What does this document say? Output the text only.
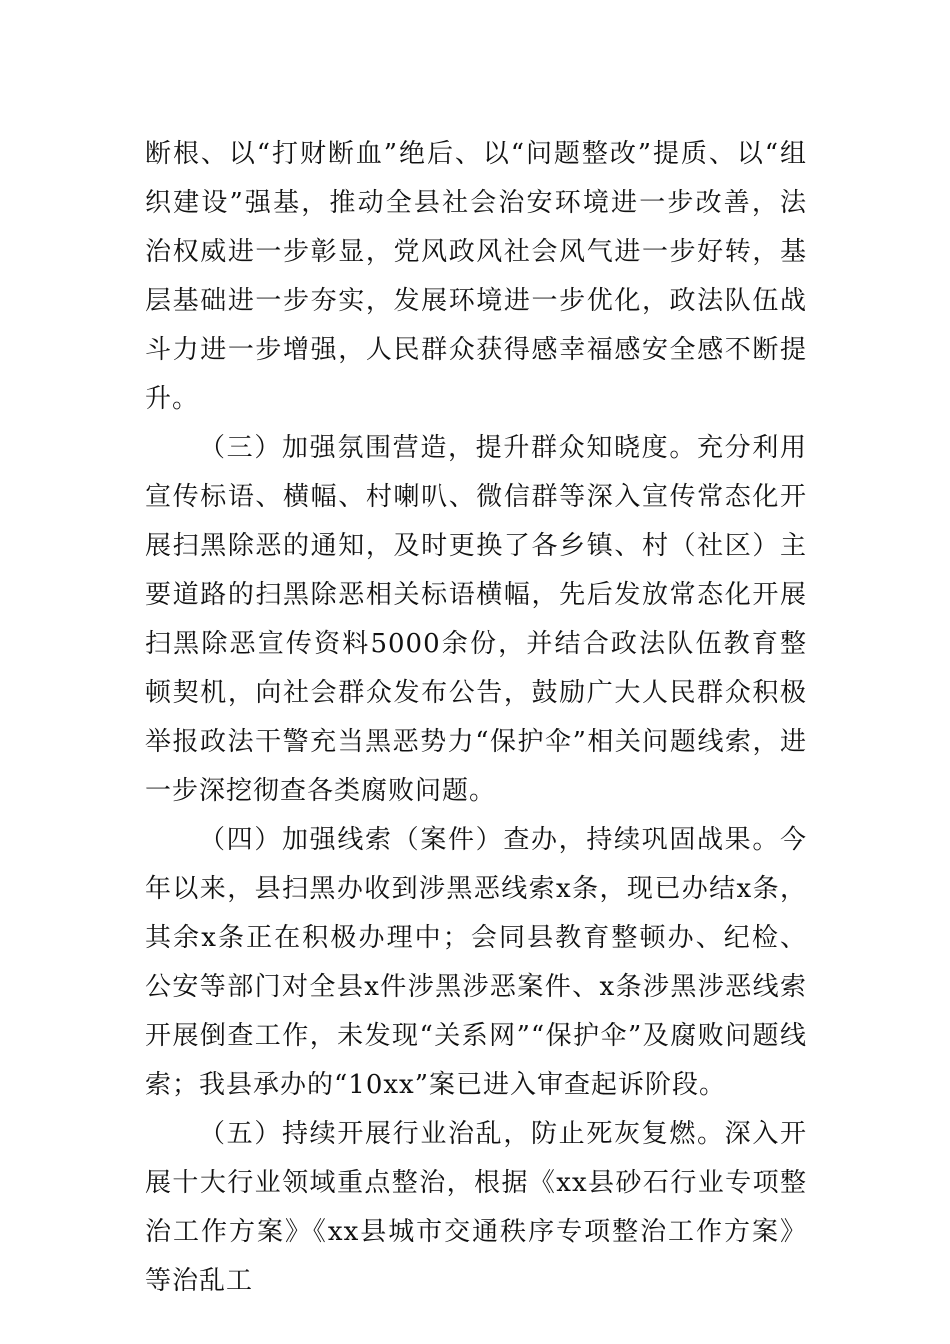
断根、以“打财断血”绝后、以“问题整改”提质、以“组织建设”强基，推动全县社会治安环境进一步改善，法治权威进一步彰显，党风政风社会风气进一步好转，基层基础进一步夯实，发展环境进一步优化，政法队伍战斗力进一步增强，人民群众获得感幸福感安全感不断提升。

（三）加强氛围营造，提升群众知晓度。充分利用宣传标语、横幅、村喇叭、微信群等深入宣传常态化开展扫黑除恶的通知，及时更换了各乡镇、村（社区）主要道路的扫黑除恶相关标语横幅，先后发放常态化开展扫黑除恶宣传资料5000余份，并结合政法队伍教育整顿契机，向社会群众发布公告，鼓励广大人民群众积极举报政法干警充当黑恶势力“保护伞”相关问题线索，进一步深挖彻查各类腐败问题。

（四）加强线索（案件）查办，持续巩固战果。今年以来，县扫黑办收到涉黑恶线索x条，现已办结x条，其余x条正在积极办理中；会同县教育整顿办、纪检、公安等部门对全县x件涉黑涉恶案件、x条涉黑涉恶线索开展倒查工作，未发现“关系网”“保护伞”及腐败问题线索；我县承办的“10xx”案已进入审查起诉阶段。

（五）持续开展行业治乱，防止死灰复燃。深入开展十大行业领域重点整治，根据《xx县砂石行业专项整治工作方案》《xx县城市交通秩序专项整治工作方案》等治乱工
